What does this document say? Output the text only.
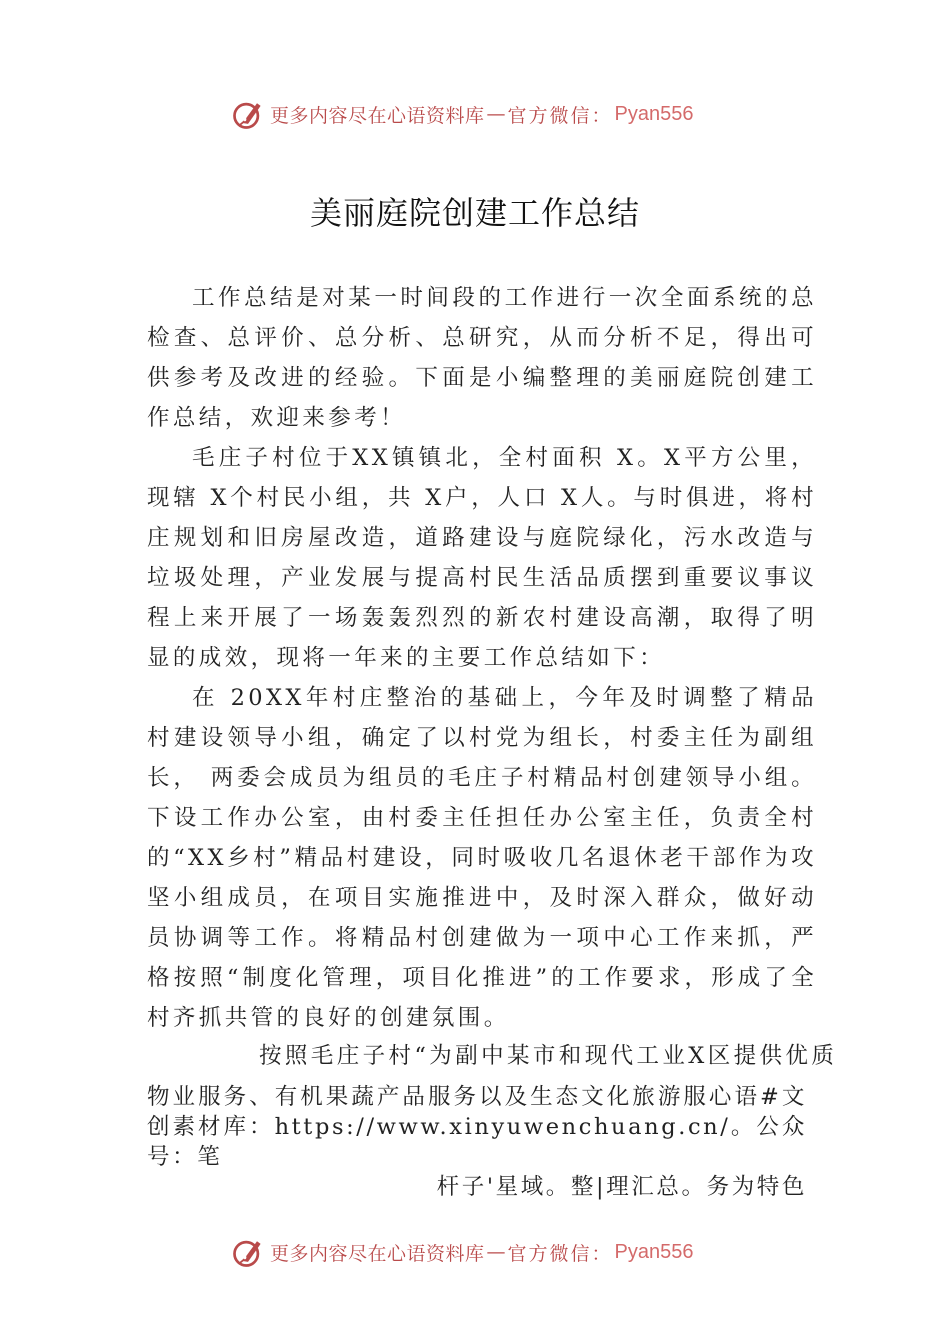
更多内容尽在心语资料库 — 官方微信： Pyan556
美丽庭院创建工作总结

工作总结是对某一时间段的工作进行一次全面系统的总检查、总评价、总分析、总研究，从而分析不足，得出可供参考及改进的经验。下面是小编整理的美丽庭院创建工作总结，欢迎来参考！

毛庄子村位于XX镇镇北，全村面积 X。X平方公里，现辖 X个村民小组，共 X户，人口 X人。与时俱进，将村庄规划和旧房屋改造，道路建设与庭院绿化，污水改造与垃圾处理，产业发展与提高村民生活品质摆到重要议事议程上来开展了一场轰轰烈烈的新农村建设高潮，取得了明显的成效，现将一年来的主要工作总结如下：

在 20XX年村庄整治的基础上，今年及时调整了精品村建设领导小组，确定了以村党为组长，村委主任为副组长， 两委会成员为组员的毛庄子村精品村创建领导小组。下设工作办公室，由村委主任担任办公室主任，负责全村的“XX乡村”精品村建设，同时吸收几名退休老干部作为攻坚小组成员，在项目实施推进中，及时深入群众，做好动员协调等工作。将精品村创建做为一项中心工作来抓，严格按照“制度化管理，项目化推进”的工作要求，形成了全村齐抓共管的良好的创建氛围。

按照毛庄子村“为副中某市和现代工业X区提供优质

物业服务、有机果蔬产品服务以及生态文化旅游服心语#文创素材库：https://www.xinyuwenchuang.cn/。公众号：笔

杆子'星域。整|理汇总。务为特色

更多内容尽在心语资料库 — 官方微信： Pyan556
